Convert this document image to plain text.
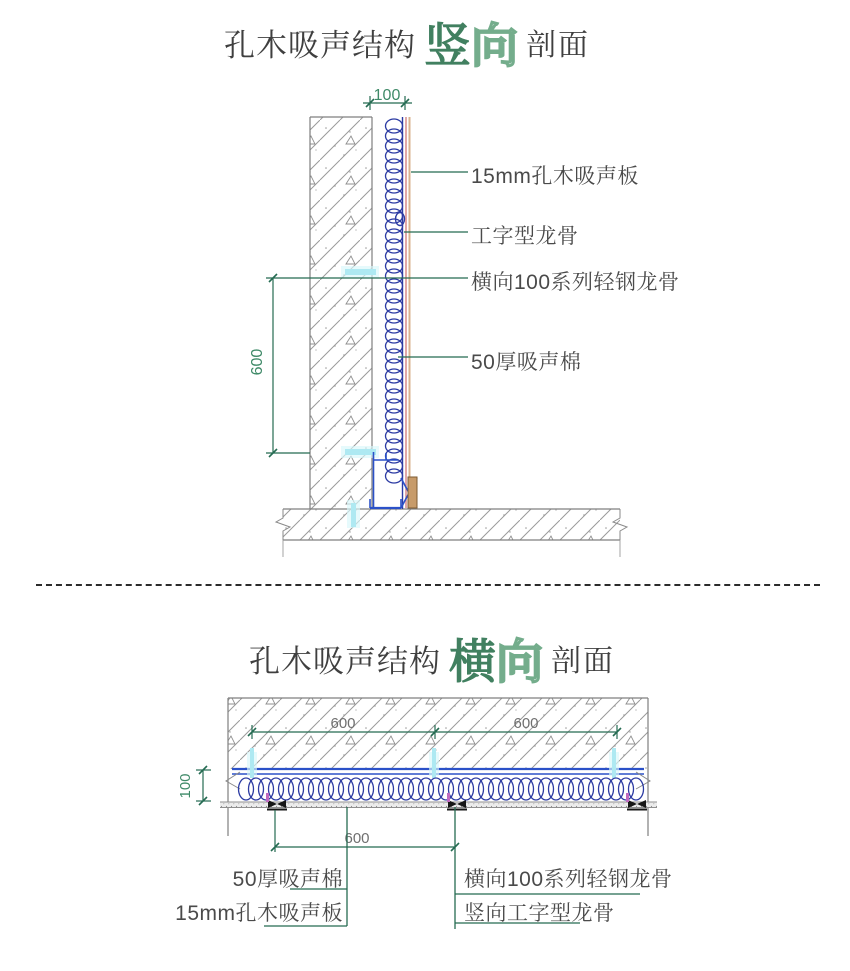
100
600
600	600
100
600
孔木吸声结构 竖 向 剖面
孔木吸声结构 横 向 剖面
15mm孔木吸声板
工字型龙骨
横向100系列轻钢龙骨
50厚吸声棉
50厚吸声棉
15mm孔木吸声板
横向100系列轻钢龙骨
竖向工字型龙骨
